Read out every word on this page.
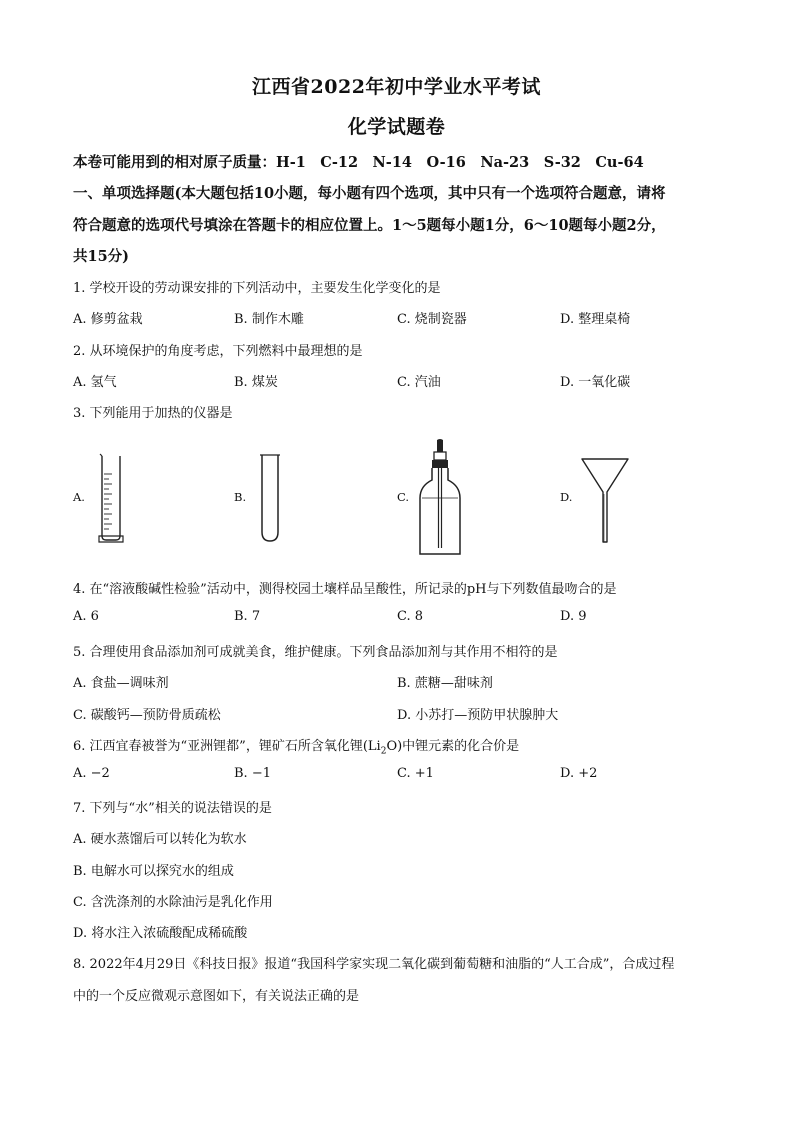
江西省2022年初中学业水平考试
化学试题卷
本卷可能用到的相对原子质量：H-1　C-12　N-14　O-16　Na-23　S-32　Cu-64
一、单项选择题(本大题包括10小题，每小题有四个选项，其中只有一个选项符合题意，请将
符合题意的选项代号填涂在答题卡的相应位置上。1～5题每小题1分，6～10题每小题2分，
共15分)
1. 学校开设的劳动课安排的下列活动中，主要发生化学变化的是
A. 修剪盆栽	B. 制作木雕	C. 烧制瓷器	D. 整理桌椅
2. 从环境保护的角度考虑，下列燃料中最理想的是
A. 氢气	B. 煤炭	C. 汽油	D. 一氧化碳
3. 下列能用于加热的仪器是
A.	B.	C.	D.
4. 在“溶液酸碱性检验”活动中，测得校园土壤样品呈酸性，所记录的pH与下列数值最吻合的是
A. 6	B. 7	C. 8	D. 9
5. 合理使用食品添加剂可成就美食，维护健康。下列食品添加剂与其作用不相符的是
A. 食盐—调味剂	B. 蔗糖—甜味剂
C. 碳酸钙—预防骨质疏松	D. 小苏打—预防甲状腺肿大
6. 江西宜春被誉为“亚洲锂都”，锂矿石所含氧化锂$(Li_2O)$中锂元素的化合价是
A. −2	B. −1	C. +1	D. +2
7. 下列与“水”相关的说法错误的是
A. 硬水蒸馏后可以转化为软水
B. 电解水可以探究水的组成
C. 含洗涤剂的水除油污是乳化作用
D. 将水注入浓硫酸配成稀硫酸
8. 2022年4月29日《科技日报》报道“我国科学家实现二氧化碳到葡萄糖和油脂的“人工合成”，合成过程
中的一个反应微观示意图如下，有关说法正确的是
